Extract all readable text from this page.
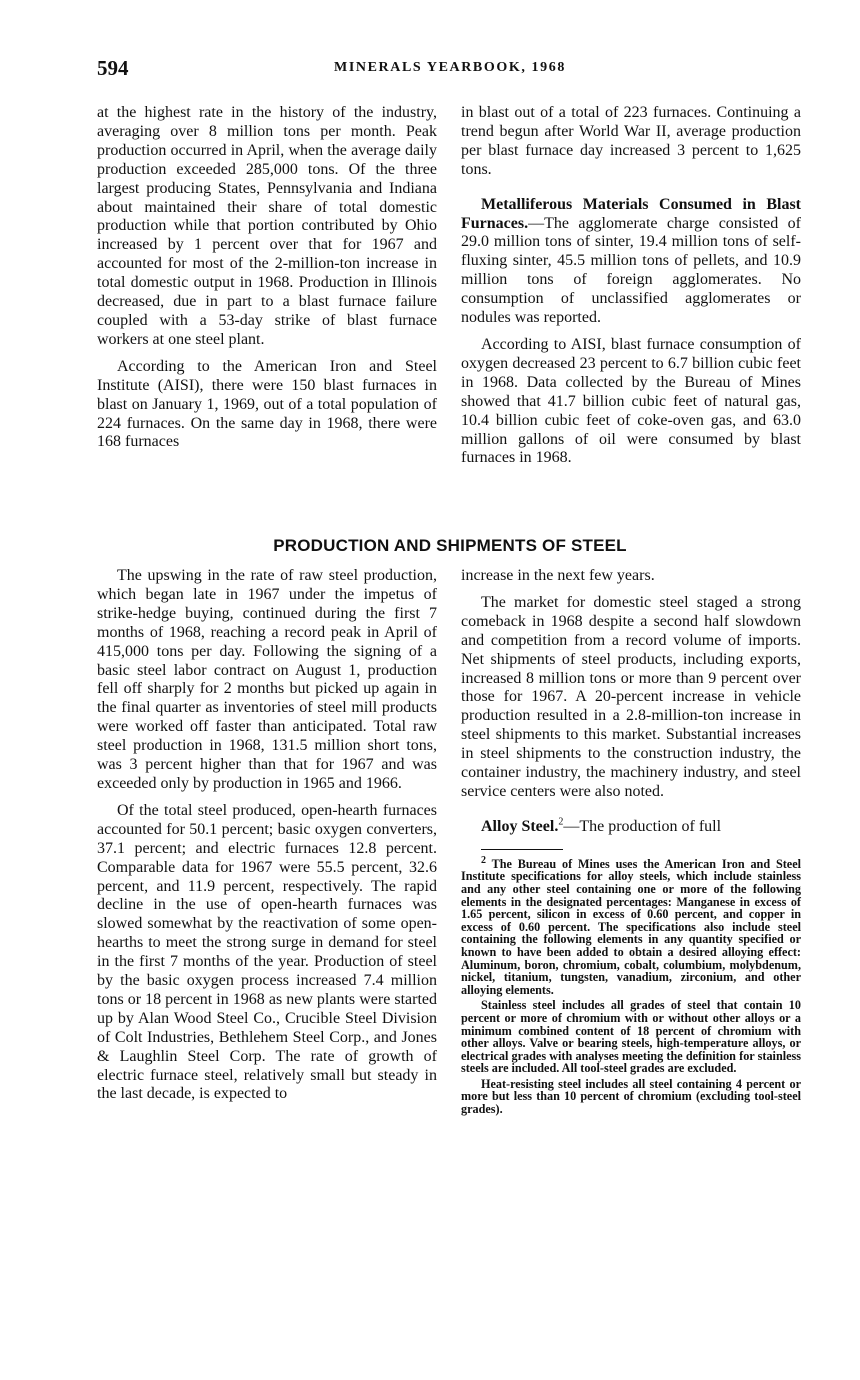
594	MINERALS YEARBOOK, 1968

at the highest rate in the history of the industry, averaging over 8 million tons per month. Peak production occurred in April, when the average daily production exceeded 285,000 tons. Of the three largest producing States, Pennsylvania and Indiana about maintained their share of total domestic production while that portion contributed by Ohio increased by 1 percent over that for 1967 and accounted for most of the 2-million-ton increase in total domestic output in 1968. Production in Illinois decreased, due in part to a blast furnace failure coupled with a 53-day strike of blast furnace workers at one steel plant.

According to the American Iron and Steel Institute (AISI), there were 150 blast furnaces in blast on January 1, 1969, out of a total population of 224 furnaces. On the same day in 1968, there were 168 furnaces

in blast out of a total of 223 furnaces. Continuing a trend begun after World War II, average production per blast furnace day increased 3 percent to 1,625 tons.

Metalliferous Materials Consumed in Blast Furnaces.—The agglomerate charge consisted of 29.0 million tons of sinter, 19.4 million tons of self-fluxing sinter, 45.5 million tons of pellets, and 10.9 million tons of foreign agglomerates. No consumption of unclassified agglomerates or nodules was reported.

According to AISI, blast furnace consumption of oxygen decreased 23 percent to 6.7 billion cubic feet in 1968. Data collected by the Bureau of Mines showed that 41.7 billion cubic feet of natural gas, 10.4 billion cubic feet of coke-oven gas, and 63.0 million gallons of oil were consumed by blast furnaces in 1968.

PRODUCTION AND SHIPMENTS OF STEEL

The upswing in the rate of raw steel production, which began late in 1967 under the impetus of strike-hedge buying, continued during the first 7 months of 1968, reaching a record peak in April of 415,000 tons per day. Following the signing of a basic steel labor contract on August 1, production fell off sharply for 2 months but picked up again in the final quarter as inventories of steel mill products were worked off faster than anticipated. Total raw steel production in 1968, 131.5 million short tons, was 3 percent higher than that for 1967 and was exceeded only by production in 1965 and 1966.

Of the total steel produced, open-hearth furnaces accounted for 50.1 percent; basic oxygen converters, 37.1 percent; and electric furnaces 12.8 percent. Comparable data for 1967 were 55.5 percent, 32.6 percent, and 11.9 percent, respectively. The rapid decline in the use of open-hearth furnaces was slowed somewhat by the reactivation of some open-hearths to meet the strong surge in demand for steel in the first 7 months of the year. Production of steel by the basic oxygen process increased 7.4 million tons or 18 percent in 1968 as new plants were started up by Alan Wood Steel Co., Crucible Steel Division of Colt Industries, Bethlehem Steel Corp., and Jones & Laughlin Steel Corp. The rate of growth of electric furnace steel, relatively small but steady in the last decade, is expected to

increase in the next few years.

The market for domestic steel staged a strong comeback in 1968 despite a second half slowdown and competition from a record volume of imports. Net shipments of steel products, including exports, increased 8 million tons or more than 9 percent over those for 1967. A 20-percent increase in vehicle production resulted in a 2.8-million-ton increase in steel shipments to this market. Substantial increases in steel shipments to the construction industry, the container industry, the machinery industry, and steel service centers were also noted.

Alloy Steel.$^2$—The production of full

$^2$ The Bureau of Mines uses the American Iron and Steel Institute specifications for alloy steels, which include stainless and any other steel containing one or more of the following elements in the designated percentages: Manganese in excess of 1.65 percent, silicon in excess of 0.60 percent, and copper in excess of 0.60 percent. The specifications also include steel containing the following elements in any quantity specified or known to have been added to obtain a desired alloying effect: Aluminum, boron, chromium, cobalt, columbium, molybdenum, nickel, titanium, tungsten, vanadium, zirconium, and other alloying elements.

Stainless steel includes all grades of steel that contain 10 percent or more of chromium with or without other alloys or a minimum combined content of 18 percent of chromium with other alloys. Valve or bearing steels, high-temperature alloys, or electrical grades with analyses meeting the definition for stainless steels are included. All tool-steel grades are excluded.

Heat-resisting steel includes all steel containing 4 percent or more but less than 10 percent of chromium (excluding tool-steel grades).
